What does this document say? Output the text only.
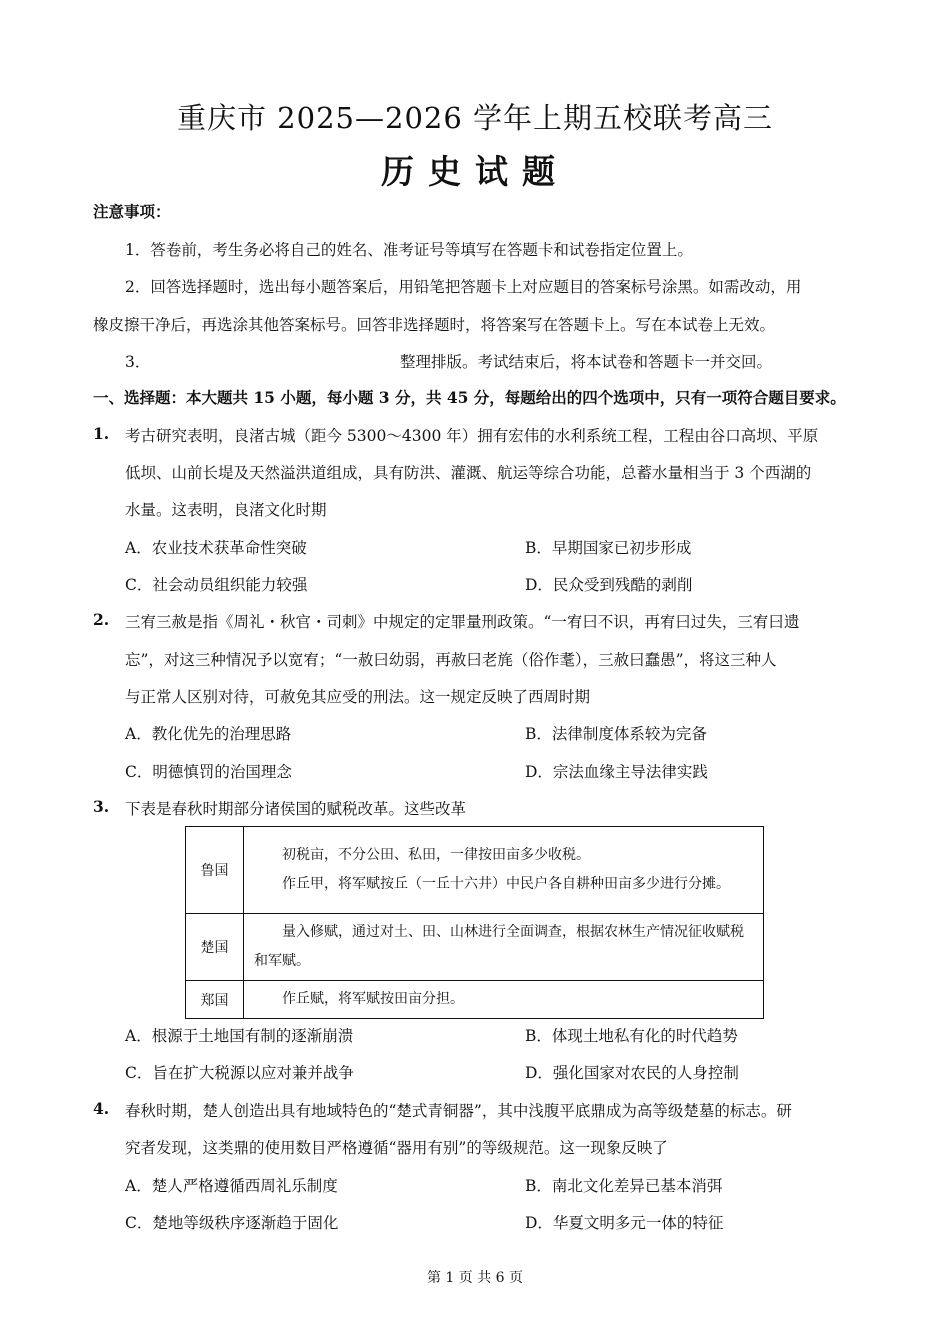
重庆市 2025—2026 学年上期五校联考高三
历史试题
注意事项：
1．答卷前，考生务必将自己的姓名、准考证号等填写在答题卡和试卷指定位置上。
2．回答选择题时，选出每小题答案后，用铅笔把答题卡上对应题目的答案标号涂黑。如需改动，用
橡皮擦干净后，再选涂其他答案标号。回答非选择题时，将答案写在答题卡上。写在本试卷上无效。
3．	整理排版。考试结束后，将本试卷和答题卡一并交回。
一、选择题：本大题共 15 小题，每小题 3 分，共 45 分，每题给出的四个选项中，只有一项符合题目要求。
1. 考古研究表明，良渚古城（距今 5300～4300 年）拥有宏伟的水利系统工程，工程由谷口高坝、平原
低坝、山前长堤及天然溢洪道组成，具有防洪、灌溉、航运等综合功能，总蓄水量相当于 3 个西湖的
水量。这表明，良渚文化时期
A．农业技术获革命性突破	B．早期国家已初步形成
C．社会动员组织能力较强	D．民众受到残酷的剥削
2. 三宥三赦是指《周礼・秋官・司刺》中规定的定罪量刑政策。“一宥曰不识，再宥曰过失，三宥曰遗
忘”，对这三种情况予以宽宥；“一赦曰幼弱，再赦曰老旄（俗作耄），三赦曰蠢愚”，将这三种人
与正常人区别对待，可赦免其应受的刑法。这一规定反映了西周时期
A．教化优先的治理思路	B．法律制度体系较为完备
C．明德慎罚的治国理念	D．宗法血缘主导法律实践
3. 下表是春秋时期部分诸侯国的赋税改革。这些改革
鲁国	初税亩，不分公田、私田，一律按田亩多少收税。

作丘甲，将军赋按丘（一丘十六井）中民户各自耕种田亩多少进行分摊。

楚国	量入修赋，通过对土、田、山林进行全面调查，根据农林生产情况征收赋税和军赋。

郑国	作丘赋，将军赋按田亩分担。

A．根源于土地国有制的逐渐崩溃	B．体现土地私有化的时代趋势
C．旨在扩大税源以应对兼并战争	D．强化国家对农民的人身控制
4. 春秋时期，楚人创造出具有地域特色的“楚式青铜器”，其中浅腹平底鼎成为高等级楚墓的标志。研
究者发现，这类鼎的使用数目严格遵循“器用有别”的等级规范。这一现象反映了
A．楚人严格遵循西周礼乐制度	B．南北文化差异已基本消弭
C．楚地等级秩序逐渐趋于固化	D．华夏文明多元一体的特征
第 1 页 共 6 页
